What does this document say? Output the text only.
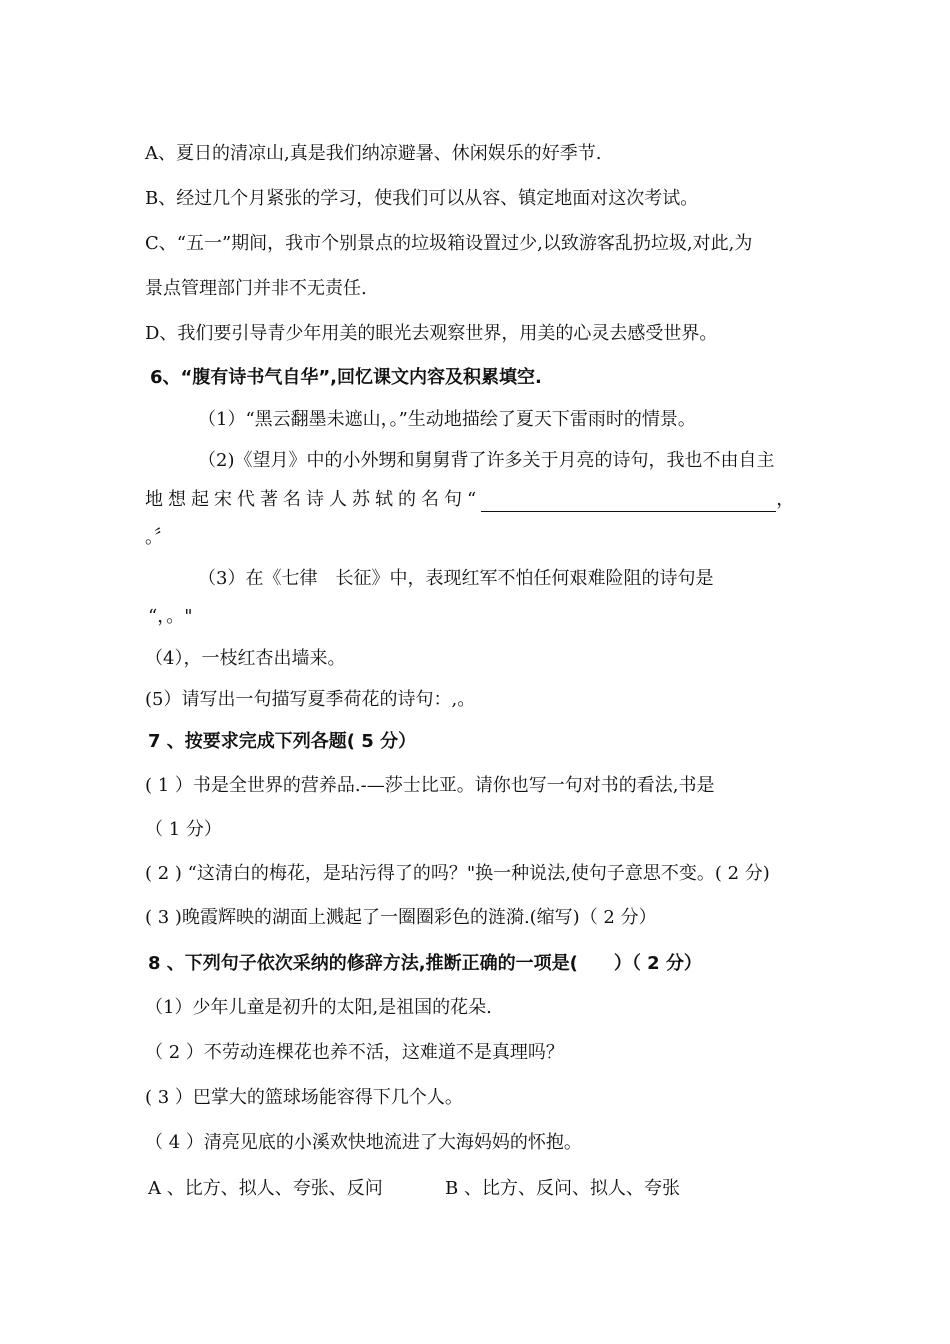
A、夏日的清凉山,真是我们纳凉避暑、休闲娱乐的好季节.
B、经过几个月紧张的学习，使我们可以从容、镇定地面对这次考试。
C、“五一”期间，我市个别景点的垃圾箱设置过少,以致游客乱扔垃圾,对此,为
景点管理部门并非不无责任.
D、我们要引导青少年用美的眼光去观察世界，用美的心灵去感受世界。
6、“腹有诗书气自华”,回忆课文内容及积累填空.
（1）“黑云翻墨未遮山，。”生动地描绘了夏天下雷雨时的情景。
（2)《望月》中的小外甥和舅舅背了许多关于月亮的诗句，我也不由自主
地想起宋代著名诗人苏轼的名句“	，
。〞
（3）在《七律　长征》中，表现红军不怕任何艰难险阻的诗句是
“，。"
（4），一枝红杏出墙来。
(5）请写出一句描写夏季荷花的诗句：,。
7 、按要求完成下列各题( 5 分）
( 1 ）书是全世界的营养品.-—莎士比亚。请你也写一句对书的看法,书是
（ 1 分）
( 2 ) “这清白的梅花，是玷污得了的吗？"换一种说法,使句子意思不变。( 2 分)
( 3 )晚霞辉映的湖面上溅起了一圈圈彩色的涟漪.(缩写)（ 2 分）
8 、下列句子依次采纳的修辞方法,推断正确的一项是(　　）（ 2 分）
（1）少年儿童是初升的太阳,是祖国的花朵.
（ 2 ）不劳动连棵花也养不活，这难道不是真理吗？
( 3 ）巴掌大的篮球场能容得下几个人。
（ 4 ）清亮见底的小溪欢快地流进了大海妈妈的怀抱。
A 、比方、拟人、夸张、反问	B 、比方、反问、拟人、夸张
